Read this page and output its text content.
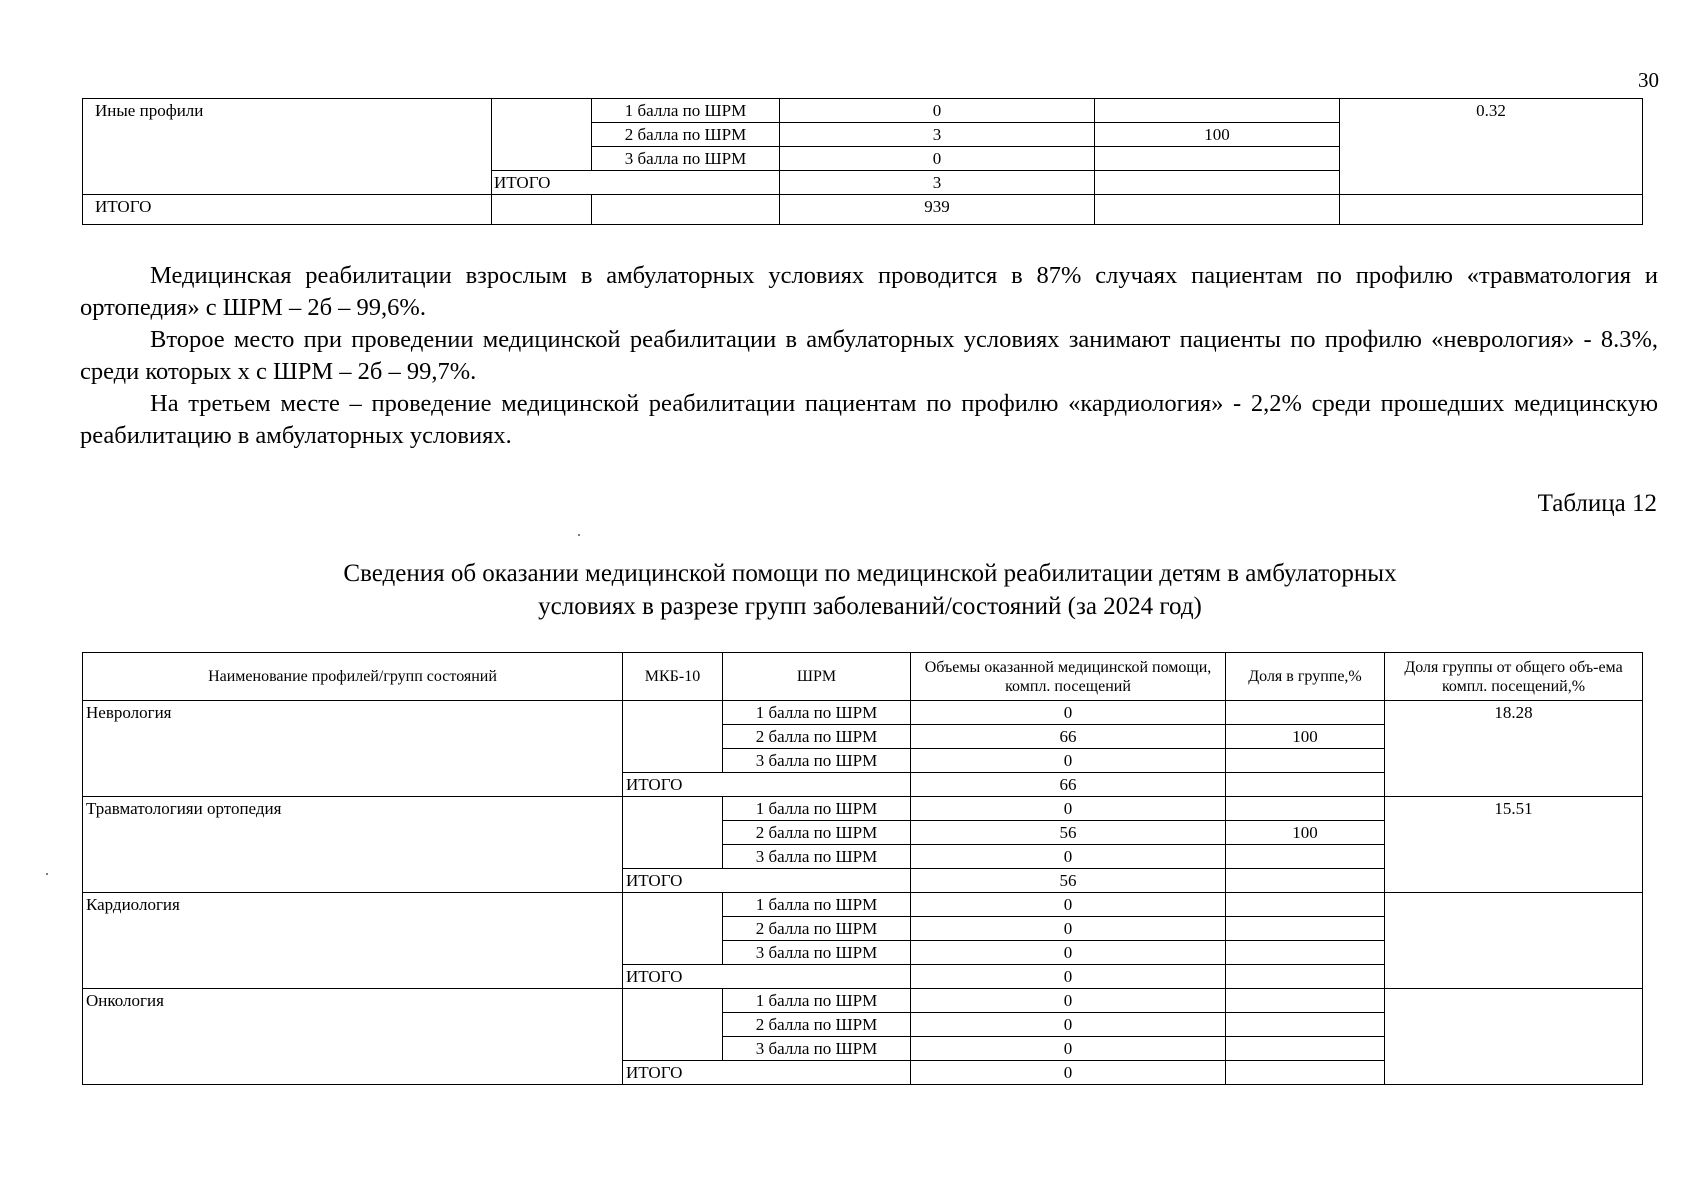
30
Иные профили		1 балла по ШРМ	0		0.32
		2 балла по ШРМ	3	100	
		3 балла по ШРМ	0		
	ИТОГО		3		
ИТОГО			939		

Медицинская реабилитации взрослым в амбулаторных условиях проводится в 87% случаях пациентам по профилю «травматология и ортопедия» с ШРМ – 2б – 99,6%.

Второе место при проведении медицинской реабилитации в амбулаторных условиях занимают пациенты по профилю «неврология» - 8.3%, среди которых х с ШРМ – 2б – 99,7%.

На третьем месте – проведение медицинской реабилитации пациентам по профилю «кардиология» - 2,2% среди прошедших медицинскую реабилитацию в амбулаторных условиях.

Таблица 12
Сведения об оказании медицинской помощи по медицинской реабилитации детям в амбулаторных
условиях в разрезе групп заболеваний/состояний (за 2024 год)
Наименование профилей/групп состояний	МКБ-10	ШРМ	Объемы оказанной медицинской помощи, компл. посещений	Доля в группе,%	Доля группы от общего объ-ема компл. посещений,%
Неврология		1 балла по ШРМ	0		18.28
		2 балла по ШРМ	66	100	
		3 балла по ШРМ	0		
	ИТОГО		66		
Травматологияи ортопедия		1 балла по ШРМ	0		15.51
		2 балла по ШРМ	56	100	
		3 балла по ШРМ	0		
	ИТОГО		56		
Кардиология		1 балла по ШРМ	0		
		2 балла по ШРМ	0		
		3 балла по ШРМ	0		
	ИТОГО		0		
Онкология		1 балла по ШРМ	0		
		2 балла по ШРМ	0		
		3 балла по ШРМ	0		
	ИТОГО		0		
